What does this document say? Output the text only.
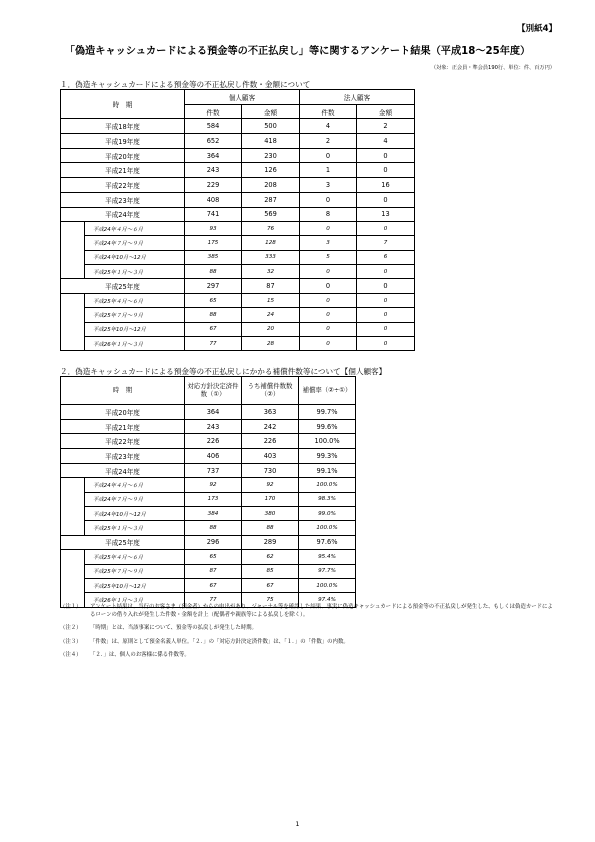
【別紙4】
「偽造キャッシュカードによる預金等の不正払戻し」等に関するアンケート結果（平成18～25年度）
（対象：正会員・準会員190行、単位：件、百万円）
１．偽造キャッシュカードによる預金等の不正払戻し件数・金額について
時　期		個人顧客		法人顧客	
		件数	金額	件数	金額
平成18年度		584	500	4	2
平成19年度		652	418	2	4
平成20年度		364	230	0	0
平成21年度		243	126	1	0
平成22年度		229	208	3	16
平成23年度		408	287	0	0
平成24年度		741	569	8	13
	平成24年４月～６月	93	76	0	0
	平成24年７月～９月	175	128	3	7
	平成24年10月～12月	385	333	5	6
	平成25年１月～３月	88	32	0	0
平成25年度		297	87	0	0
	平成25年４月～６月	65	15	0	0
	平成25年７月～９月	88	24	0	0
	平成25年10月～12月	67	20	0	0
	平成26年１月～３月	77	28	0	0
２．偽造キャッシュカードによる預金等の不正払戻しにかかる補償件数等について【個人顧客】
時　期		対応方針決定済件数（①）	うち補償件数数（②）	補償率（②÷①）
平成20年度		364	363	99.7%
平成21年度		243	242	99.6%
平成22年度		226	226	100.0%
平成23年度		406	403	99.3%
平成24年度		737	730	99.1%
	平成24年４月～６月	92	92	100.0%
	平成24年７月～９月	173	170	98.3%
	平成24年10月～12月	384	380	99.0%
	平成25年１月～３月	88	88	100.0%
平成25年度		296	289	97.6%
	平成25年４月～６月	65	62	95.4%
	平成25年７月～９月	87	85	97.7%
	平成25年10月～12月	67	67	100.0%
	平成26年１月～３月	77	75	97.4%
（注１） アンケート結果は、当行のお客さま（預金者）からの申出があり、ジャーナル等を確認した結果、事実に偽造キャッシュカードによる預金等の不正払戻しが発生した、もしくは偽造カードによるローンの借り入れが発生した件数・金額を計上（配偶者や親族等による払戻しを除く）。
（注２） 「時期」とは、当該事案について、預金等の払戻しが発生した時期。
（注３） 「件数」は、原則として預金名義人単位。「２．」の「対応方針決定済件数」は、「１．」の「件数」の内数。
（注４） 「２．」は、個人のお客様に係る件数等。
1
